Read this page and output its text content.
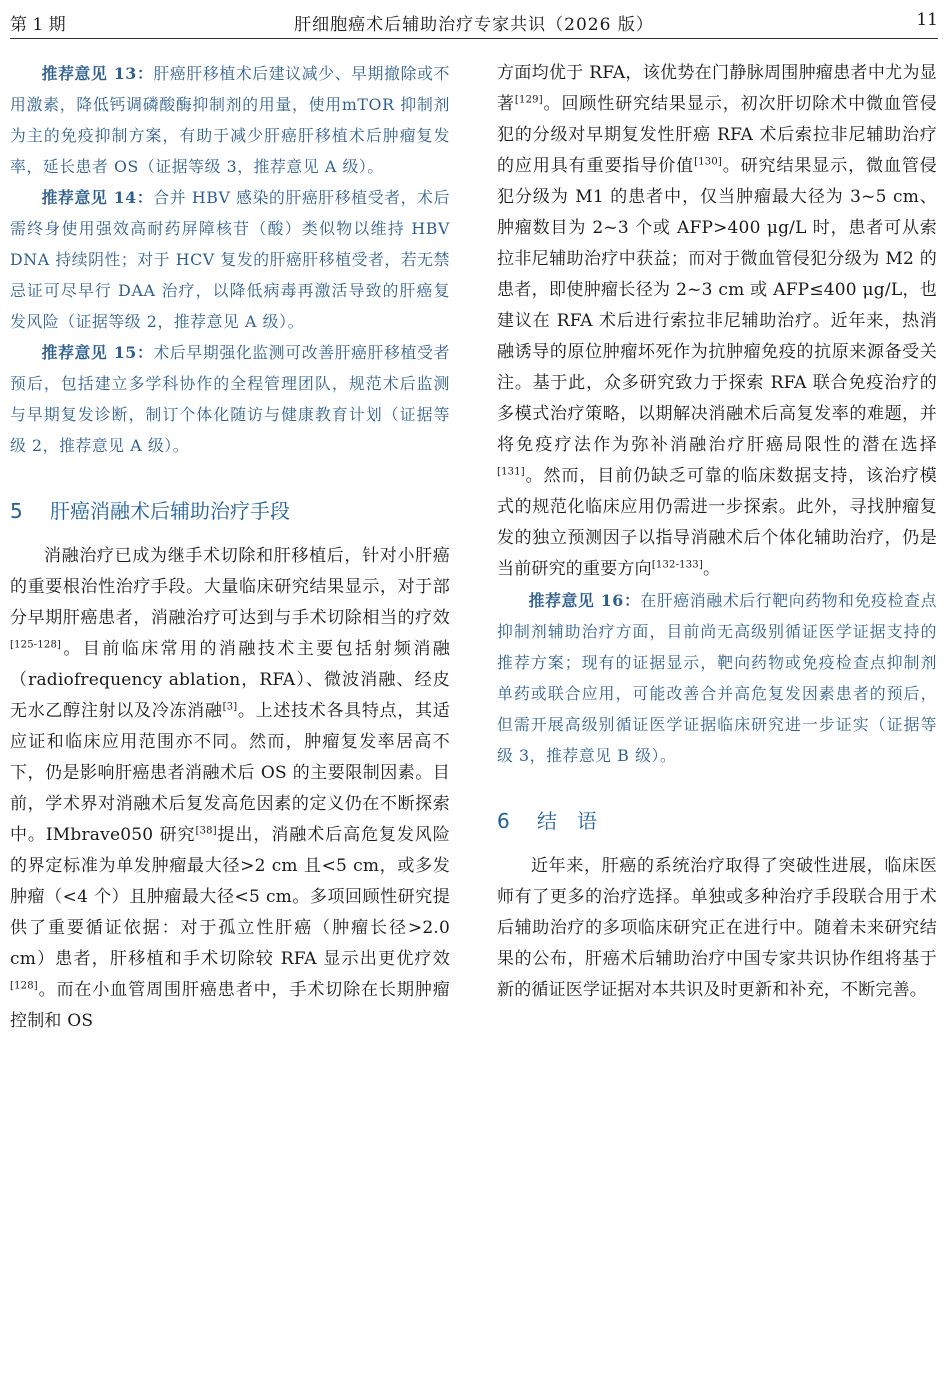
第 1 期	肝细胞癌术后辅助治疗专家共识（2026 版）	11

推荐意见 13：肝癌肝移植术后建议减少、早期撤除或不用激素，降低钙调磷酸酶抑制剂的用量，使用mTOR 抑制剂为主的免疫抑制方案，有助于减少肝癌肝移植术后肿瘤复发率，延长患者 OS（证据等级 3，推荐意见 A 级）。

推荐意见 14：合并 HBV 感染的肝癌肝移植受者，术后需终身使用强效高耐药屏障核苷（酸）类似物以维持 HBV DNA 持续阴性；对于 HCV 复发的肝癌肝移植受者，若无禁忌证可尽早行 DAA 治疗，以降低病毒再激活导致的肝癌复发风险（证据等级 2，推荐意见 A 级）。

推荐意见 15：术后早期强化监测可改善肝癌肝移植受者预后，包括建立多学科协作的全程管理团队，规范术后监测与早期复发诊断，制订个体化随访与健康教育计划（证据等级 2，推荐意见 A 级）。

5 肝癌消融术后辅助治疗手段

消融治疗已成为继手术切除和肝移植后，针对小肝癌的重要根治性治疗手段。大量临床研究结果显示，对于部分早期肝癌患者，消融治疗可达到与手术切除相当的疗效[125-128]。目前临床常用的消融技术主要包括射频消融（radiofrequency ablation，RFA）、微波消融、经皮无水乙醇注射以及冷冻消融[3]。上述技术各具特点，其适应证和临床应用范围亦不同。然而，肿瘤复发率居高不下，仍是影响肝癌患者消融术后 OS 的主要限制因素。目前，学术界对消融术后复发高危因素的定义仍在不断探索中。IMbrave050 研究[38]提出，消融术后高危复发风险的界定标准为单发肿瘤最大径>2 cm 且<5 cm，或多发肿瘤（<4 个）且肿瘤最大径<5 cm。多项回顾性研究提供了重要循证依据：对于孤立性肝癌（肿瘤长径>2.0 cm）患者，肝移植和手术切除较 RFA 显示出更优疗效[128]。而在小血管周围肝癌患者中，手术切除在长期肿瘤控制和 OS

方面均优于 RFA，该优势在门静脉周围肿瘤患者中尤为显著[129]。回顾性研究结果显示，初次肝切除术中微血管侵犯的分级对早期复发性肝癌 RFA 术后索拉非尼辅助治疗的应用具有重要指导价值[130]。研究结果显示，微血管侵犯分级为 M1 的患者中，仅当肿瘤最大径为 3~5 cm、肿瘤数目为 2~3 个或 AFP>400 μg/L 时，患者可从索拉非尼辅助治疗中获益；而对于微血管侵犯分级为 M2 的患者，即使肿瘤长径为 2~3 cm 或 AFP≤400 μg/L，也建议在 RFA 术后进行索拉非尼辅助治疗。近年来，热消融诱导的原位肿瘤坏死作为抗肿瘤免疫的抗原来源备受关注。基于此，众多研究致力于探索 RFA 联合免疫治疗的多模式治疗策略，以期解决消融术后高复发率的难题，并将免疫疗法作为弥补消融治疗肝癌局限性的潜在选择[131]。然而，目前仍缺乏可靠的临床数据支持，该治疗模式的规范化临床应用仍需进一步探索。此外，寻找肿瘤复发的独立预测因子以指导消融术后个体化辅助治疗，仍是当前研究的重要方向[132-133]。

推荐意见 16：在肝癌消融术后行靶向药物和免疫检查点抑制剂辅助治疗方面，目前尚无高级别循证医学证据支持的推荐方案；现有的证据显示，靶向药物或免疫检查点抑制剂单药或联合应用，可能改善合并高危复发因素患者的预后，但需开展高级别循证医学证据临床研究进一步证实（证据等级 3，推荐意见 B 级）。

6 结　语

近年来，肝癌的系统治疗取得了突破性进展，临床医师有了更多的治疗选择。单独或多种治疗手段联合用于术后辅助治疗的多项临床研究正在进行中。随着未来研究结果的公布，肝癌术后辅助治疗中国专家共识协作组将基于新的循证医学证据对本共识及时更新和补充，不断完善。
